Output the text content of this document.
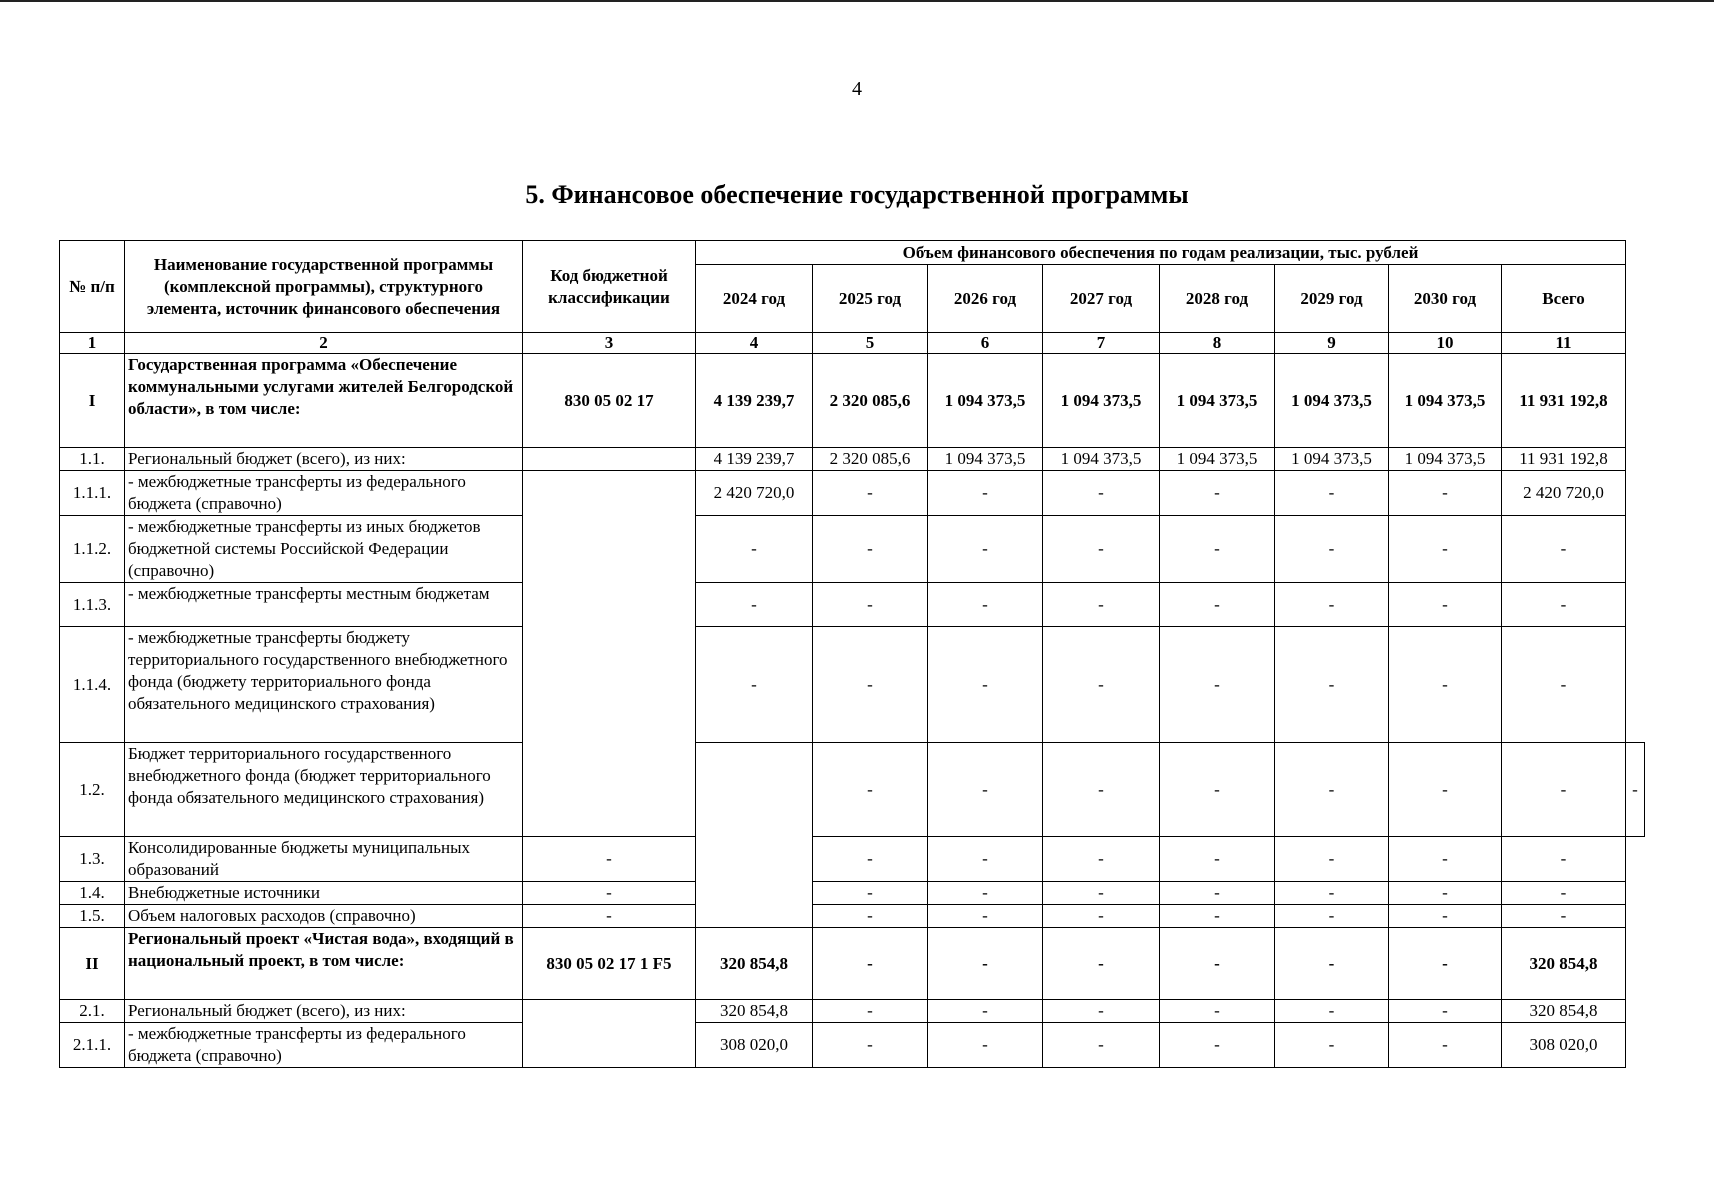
4
5. Финансовое обеспечение государственной программы
№ п/п	Наименование государственной программы (комплексной программы), структурного элемента, источник финансового обеспечения	Код бюджетной классификации	Объем финансового обеспечения по годам реализации, тыс. рублей								
			2024 год	2025 год	2026 год	2027 год	2028 год	2029 год	2030 год	Всего	
1	2	3	4	5	6	7	8	9	10	11	
I	Государственная программа «Обеспечение коммунальными услугами жителей Белгородской области», в том числе:	830 05 02 17	4 139 239,7	2 320 085,6	1 094 373,5	1 094 373,5	1 094 373,5	1 094 373,5	1 094 373,5	11 931 192,8	
1.1.	Региональный бюджет (всего), из них:		4 139 239,7	2 320 085,6	1 094 373,5	1 094 373,5	1 094 373,5	1 094 373,5	1 094 373,5	11 931 192,8	
1.1.1.	- межбюджетные трансферты из федерального бюджета (справочно)		2 420 720,0	-	-	-	-	-	-	2 420 720,0	
1.1.2.	- межбюджетные трансферты из иных бюджетов бюджетной системы Российской Федерации (справочно)		-	-	-	-	-	-	-	-	
1.1.3.	- межбюджетные трансферты местным бюджетам		-	-	-	-	-	-	-	-	
1.1.4.	- межбюджетные трансферты бюджету территориального государственного внебюджетного фонда (бюджету территориального фонда обязательного медицинского страхования)		-	-	-	-	-	-	-	-	
1.2.	Бюджет территориального государственного внебюджетного фонда (бюджет территориального фонда обязательного медицинского страхования)			-	-	-	-	-	-	-	-
1.3.	Консолидированные бюджеты муниципальных образований	-		-	-	-	-	-	-	-	
1.4.	Внебюджетные источники	-		-	-	-	-	-	-	-	
1.5.	Объем налоговых расходов (справочно)	-		-	-	-	-	-	-	-	
II	Региональный проект «Чистая вода», входящий в национальный проект, в том числе:	830 05 02 17 1 F5	320 854,8	-	-	-	-	-	-	320 854,8	
2.1.	Региональный бюджет (всего), из них:		320 854,8	-	-	-	-	-	-	320 854,8	
2.1.1.	- межбюджетные трансферты из федерального бюджета (справочно)		308 020,0	-	-	-	-	-	-	308 020,0	
